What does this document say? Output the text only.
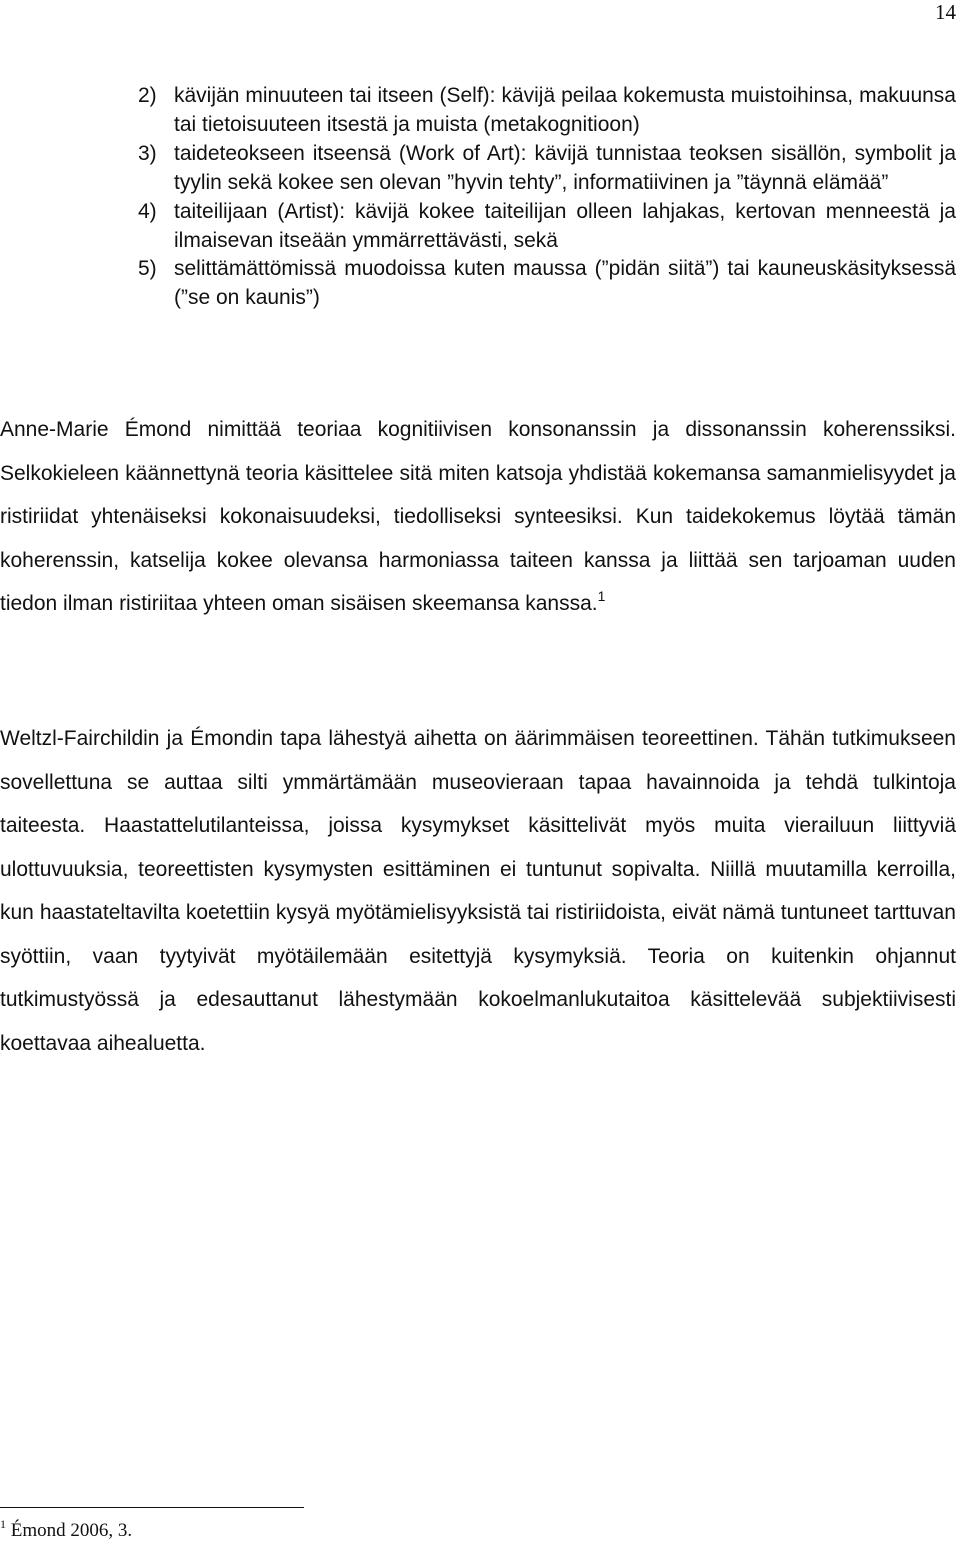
14
2) kävijän minuuteen tai itseen (Self): kävijä peilaa kokemusta muistoihinsa, makuunsa tai tietoisuuteen itsestä ja muista (metakognitioon)
3) taideteokseen itseensä (Work of Art): kävijä tunnistaa teoksen sisällön, symbolit ja tyylin sekä kokee sen olevan ”hyvin tehty”, informatiivinen ja ”täynnä elämää”
4) taiteilijaan (Artist): kävijä kokee taiteilijan olleen lahjakas, kertovan menneestä ja ilmaisevan itseään ymmärrettävästi, sekä
5) selittämättömissä muodoissa kuten maussa (”pidän siitä”) tai kauneuskäsityksessä (”se on kaunis”)

Anne-Marie Émond nimittää teoriaa kognitiivisen konsonanssin ja dissonanssin koherenssiksi. Selkokieleen käännettynä teoria käsittelee sitä miten katsoja yhdistää kokemansa samanmielisyydet ja ristiriidat yhtenäiseksi kokonaisuudeksi, tiedolliseksi synteesiksi. Kun taidekokemus löytää tämän koherenssin, katselija kokee olevansa harmoniassa taiteen kanssa ja liittää sen tarjoaman uuden tiedon ilman ristiriitaa yhteen oman sisäisen skeemansa kanssa.$^1$

Weltzl-Fairchildin ja Émondin tapa lähestyä aihetta on äärimmäisen teoreettinen. Tähän tutkimukseen sovellettuna se auttaa silti ymmärtämään museovieraan tapaa havainnoida ja tehdä tulkintoja taiteesta. Haastattelutilanteissa, joissa kysymykset käsittelivät myös muita vierailuun liittyviä ulottuvuuksia, teoreettisten kysymysten esittäminen ei tuntunut sopivalta. Niillä muutamilla kerroilla, kun haastateltavilta koetettiin kysyä myötämielisyyksistä tai ristiriidoista, eivät nämä tuntuneet tarttuvan syöttiin, vaan tyytyivät myötäilemään esitettyjä kysymyksiä. Teoria on kuitenkin ohjannut tutkimustyössä ja edesauttanut lähestymään kokoelmanlukutaitoa käsittelevää subjektiivisesti koettavaa aihealuetta.

$^1$ Émond 2006, 3.
